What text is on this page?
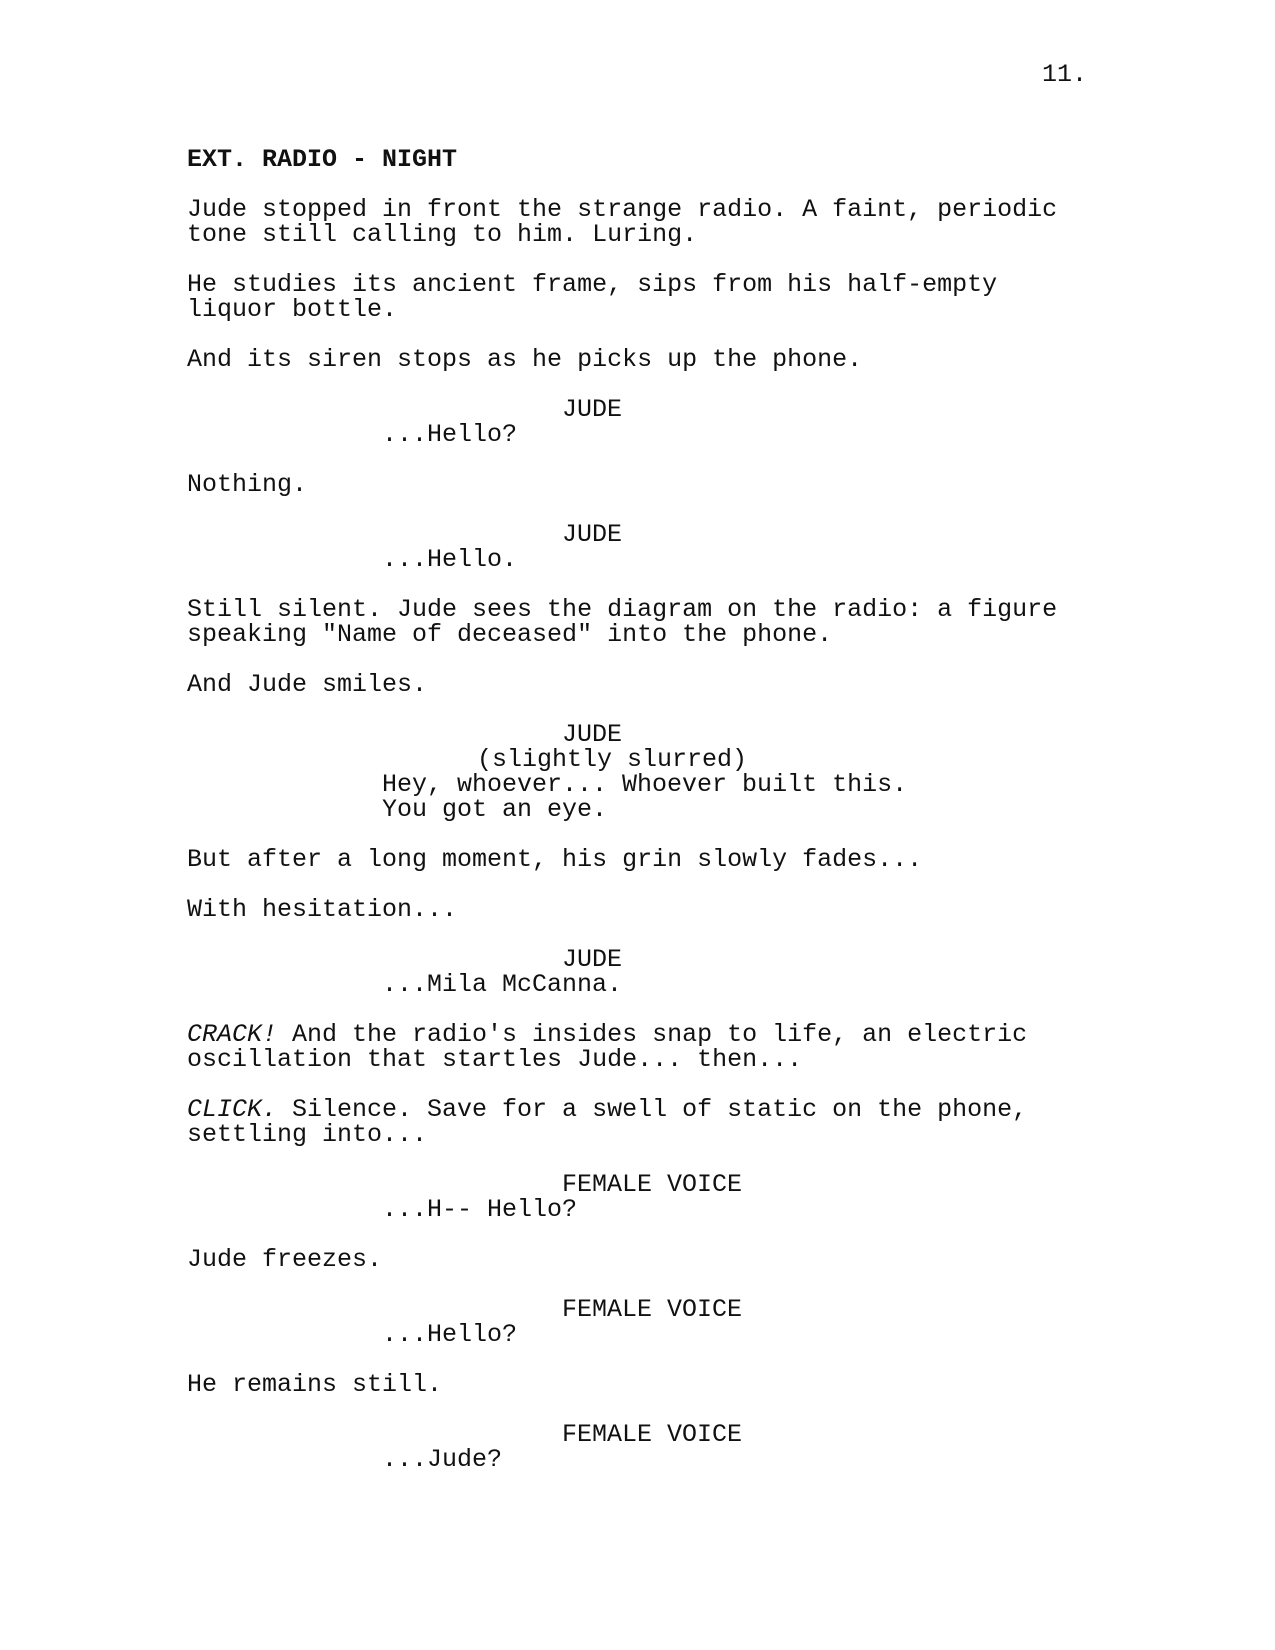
11.
EXT. RADIO - NIGHT
Jude stopped in front the strange radio. A faint, periodic
tone still calling to him. Luring.
He studies its ancient frame, sips from his half-empty
liquor bottle.
And its siren stops as he picks up the phone.
JUDE
...Hello?
Nothing.
JUDE
...Hello.
Still silent. Jude sees the diagram on the radio: a figure
speaking "Name of deceased" into the phone.
And Jude smiles.
JUDE
(slightly slurred)
Hey, whoever... Whoever built this.
You got an eye.
But after a long moment, his grin slowly fades...
With hesitation...
JUDE
...Mila McCanna.
CRACK! And the radio's insides snap to life, an electric
oscillation that startles Jude... then...
CLICK. Silence. Save for a swell of static on the phone,
settling into...
FEMALE VOICE
...H-- Hello?
Jude freezes.
FEMALE VOICE
...Hello?
He remains still.
FEMALE VOICE
...Jude?
